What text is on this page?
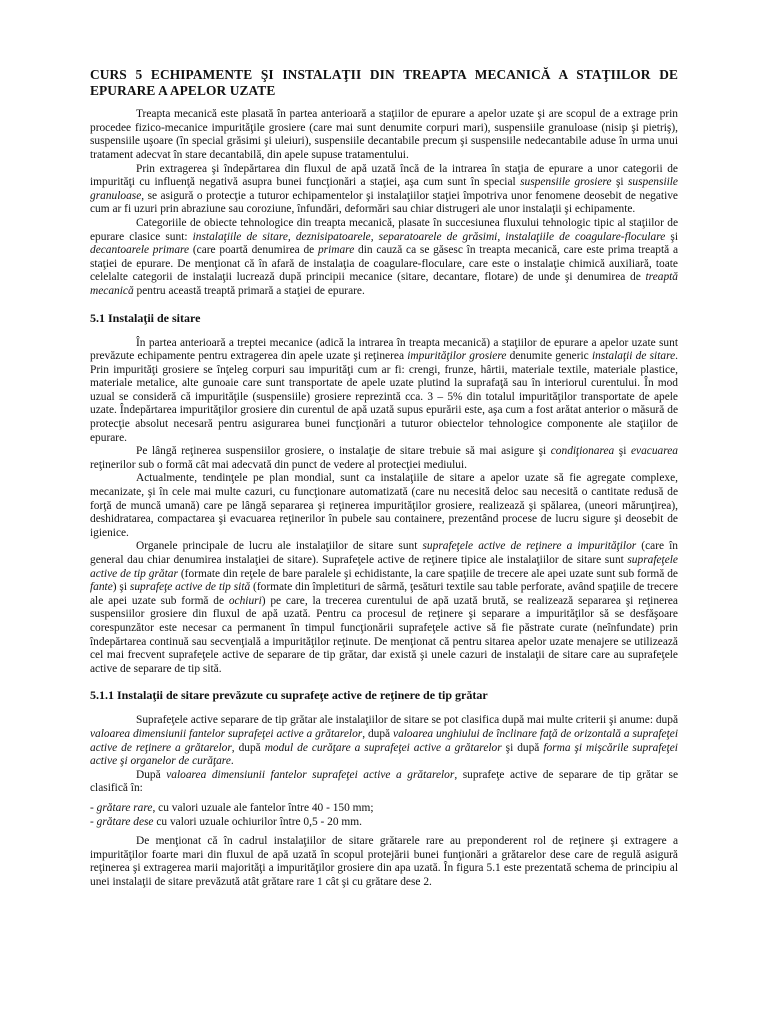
CURS 5 ECHIPAMENTE ŞI INSTALAŢII DIN TREAPTA MECANICĂ A STAŢIILOR DE EPURARE A APELOR UZATE

Treapta mecanică este plasată în partea anterioară a staţiilor de epurare a apelor uzate şi are scopul de a extrage prin procedee fizico-mecanice impurităţile grosiere (care mai sunt denumite corpuri mari), suspensiile granuloase (nisip şi pietriş), suspensiile uşoare (în special grăsimi şi uleiuri), suspensiile decantabile precum şi suspensiile nedecantabile aduse în urma unui tratament adecvat în stare decantabilă, din apele supuse tratamentului.

Prin extragerea şi îndepărtarea din fluxul de apă uzată încă de la intrarea în staţia de epurare a unor categorii de impurităţi cu influenţă negativă asupra bunei funcţionări a staţiei, aşa cum sunt în special suspensiile grosiere şi suspensiile granuloase, se asigură o protecţie a tuturor echipamentelor şi instalaţiilor staţiei împotriva unor fenomene deosebit de negative cum ar fi uzuri prin abraziune sau coroziune, înfundări, deformări sau chiar distrugeri ale unor instalaţii şi echipamente.

Categoriile de obiecte tehnologice din treapta mecanică, plasate în succesiunea fluxului tehnologic tipic al staţiilor de epurare clasice sunt: instalaţiile de sitare, deznisipatoarele, separatoarele de grăsimi, instalaţiile de coagulare-floculare şi decantoarele primare (care poartă denumirea de primare din cauză ca se găsesc în treapta mecanică, care este prima treaptă a staţiei de epurare. De menţionat că în afară de instalaţia de coagulare-floculare, care este o instalaţie chimică auxiliară, toate celelalte categorii de instalaţii lucrează după principii mecanice (sitare, decantare, flotare) de unde şi denumirea de treaptă mecanică pentru această treaptă primară a staţiei de epurare.

5.1 Instalaţii de sitare

În partea anterioară a treptei mecanice (adică la intrarea în treapta mecanică) a staţiilor de epurare a apelor uzate sunt prevăzute echipamente pentru extragerea din apele uzate şi reţinerea impurităţilor grosiere denumite generic instalaţii de sitare. Prin impurităţi grosiere se înţeleg corpuri sau impurităţi cum ar fi: crengi, frunze, hârtii, materiale textile, materiale plastice, materiale metalice, alte gunoaie care sunt transportate de apele uzate plutind la suprafaţă sau în interiorul curentului. În mod uzual se consideră că impurităţile (suspensiile) grosiere reprezintă cca. 3 – 5% din totalul impurităţilor transportate de apele uzate. Îndepărtarea impurităţilor grosiere din curentul de apă uzată supus epurării este, aşa cum a fost arătat anterior o măsură de protecţie absolut necesară pentru asigurarea bunei funcţionări a tuturor obiectelor tehnologice componente ale staţiilor de epurare.

Pe lângă reţinerea suspensiilor grosiere, o instalaţie de sitare trebuie să mai asigure şi condiţionarea şi evacuarea reţinerilor sub o formă cât mai adecvată din punct de vedere al protecţiei mediului.

Actualmente, tendinţele pe plan mondial, sunt ca instalaţiile de sitare a apelor uzate să fie agregate complexe, mecanizate, şi în cele mai multe cazuri, cu funcţionare automatizată (care nu necesită deloc sau necesită o cantitate redusă de forţă de muncă umană) care pe lângă separarea şi reţinerea impurităţilor grosiere, realizează şi spălarea, (uneori mărunţirea), deshidratarea, compactarea şi evacuarea reţinerilor în pubele sau containere, prezentând procese de lucru sigure şi deosebit de igienice.

Organele principale de lucru ale instalaţiilor de sitare sunt suprafeţele active de reţinere a impurităţilor (care în general dau chiar denumirea instalaţiei de sitare). Suprafeţele active de reţinere tipice ale instalaţiilor de sitare sunt suprafeţele active de tip grătar (formate din reţele de bare paralele şi echidistante, la care spaţiile de trecere ale apei uzate sunt sub formă de fante) şi suprafeţe active de tip sită (formate din împletituri de sârmă, ţesături textile sau table perforate, având spaţiile de trecere ale apei uzate sub formă de ochiuri) pe care, la trecerea curentului de apă uzată brută, se realizează separarea şi reţinerea suspensiilor grosiere din fluxul de apă uzată. Pentru ca procesul de reţinere şi separare a impurităţilor să se desfăşoare corespunzător este necesar ca permanent în timpul funcţionării suprafeţele active să fie păstrate curate (neînfundate) prin îndepărtarea continuă sau secvenţială a impurităţilor reţinute. De menţionat că pentru sitarea apelor uzate menajere se utilizează cel mai frecvent suprafeţele active de separare de tip grătar, dar există şi unele cazuri de instalaţii de sitare care au suprafeţele active de separare de tip sită.

5.1.1 Instalaţii de sitare prevăzute cu suprafeţe active de reţinere de tip grătar

Suprafeţele active separare de tip grătar ale instalaţiilor de sitare se pot clasifica după mai multe criterii şi anume: după valoarea dimensiunii fantelor suprafeţei active a grătarelor, după valoarea unghiului de înclinare faţă de orizontală a suprafeţei active de reţinere a grătarelor, după modul de curăţare a suprafeţei active a grătarelor şi după forma şi mişcările suprafeţei active şi organelor de curăţare.

După valoarea dimensiunii fantelor suprafeţei active a grătarelor, suprafeţe active de separare de tip grătar se clasifică în:

- grătare rare, cu valori uzuale ale fantelor între 40 - 150 mm;
- grătare dese cu valori uzuale ochiurilor între 0,5 - 20 mm.

De menţionat că în cadrul instalaţiilor de sitare grătarele rare au preponderent rol de reţinere şi extragere a impurităţilor foarte mari din fluxul de apă uzată în scopul protejării bunei funţionări a grătarelor dese care de regulă asigură reţinerea şi extragerea marii majorităţi a impurităţilor grosiere din apa uzată. În figura 5.1 este prezentată schema de principiu al unei instalaţii de sitare prevăzută atât grătare rare 1 cât şi cu grătare dese 2.
